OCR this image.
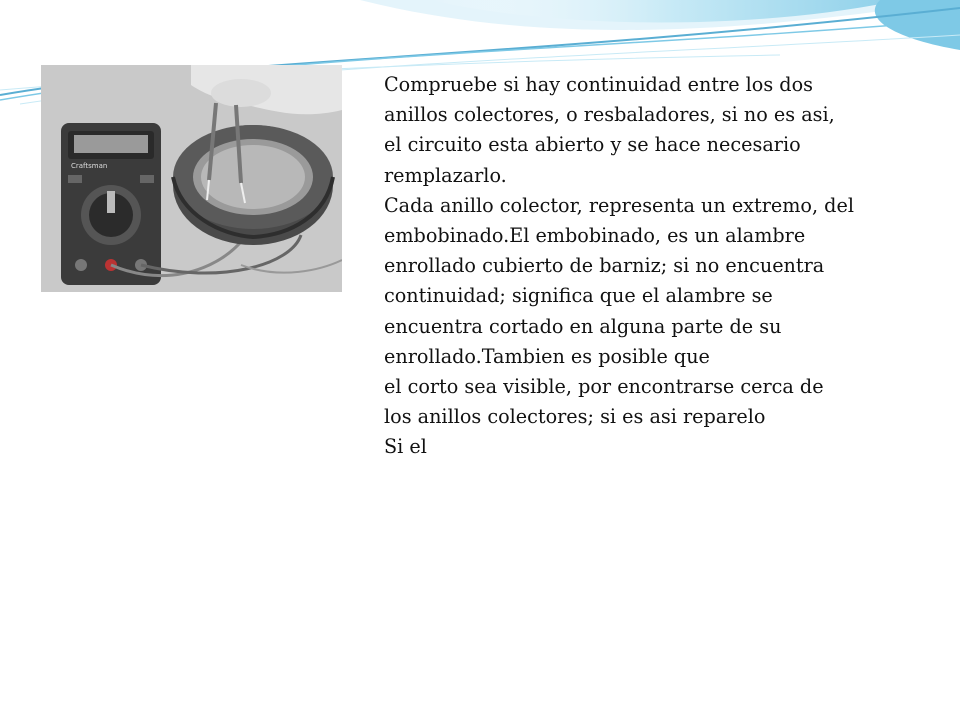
Craftsman

Compruebe si hay continuidad entre los dos anillos colectores, o resbaladores, si no es asi, el circuito esta abierto y se hace necesario remplazarlo.
Cada anillo colector, representa un extremo, del embobinado.El embobinado, es un alambre enrollado cubierto de barniz; si no encuentra continuidad; significa que el alambre se encuentra cortado en alguna parte de su enrollado.Tambien es posible que
el corto sea visible, por encontrarse cerca de los anillos colectores; si es asi reparelo
Si el
